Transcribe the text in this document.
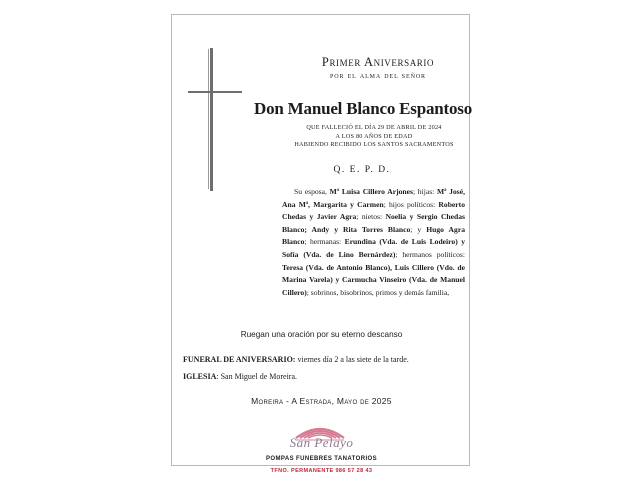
Primer Aniversario
por el alma del señor
Don Manuel Blanco Espantoso
QUE FALLECIÓ EL DÍA 29 DE ABRIL DE 2024
A LOS 80 AÑOS DE EDAD
HABIENDO RECIBIDO LOS SANTOS SACRAMENTOS
Q. E. P. D.
Su esposa, Mª Luisa Cillero Arjones; hijas: Mª José, Ana Mª, Margarita y Carmen; hijos políticos: Roberto Chedas y Javier Agra; nietos: Noelia y Sergio Chedas Blanco; Andy y Rita Torres Blanco; y Hugo Agra Blanco; hermanas: Erundina (Vda. de Luis Lodeiro) y Sofía (Vda. de Lino Bernárdez); hermanos políticos: Teresa (Vda. de Antonio Blanco), Luis Cillero (Vdo. de Marina Varela) y Carmucha Vinseiro (Vda. de Manuel Cillero); sobrinos, bisobrinos, primos y demás familia,
Ruegan una oración por su eterno descanso
FUNERAL DE ANIVERSARIO: viernes día 2 a las siete de la tarde.
IGLESIA: San Miguel de Moreira.
Moreira - A Estrada, Mayo de 2025
San Pelayo
POMPAS FUNEBRES TANATORIOS
TFNO. PERMANENTE 986 57 28 43
